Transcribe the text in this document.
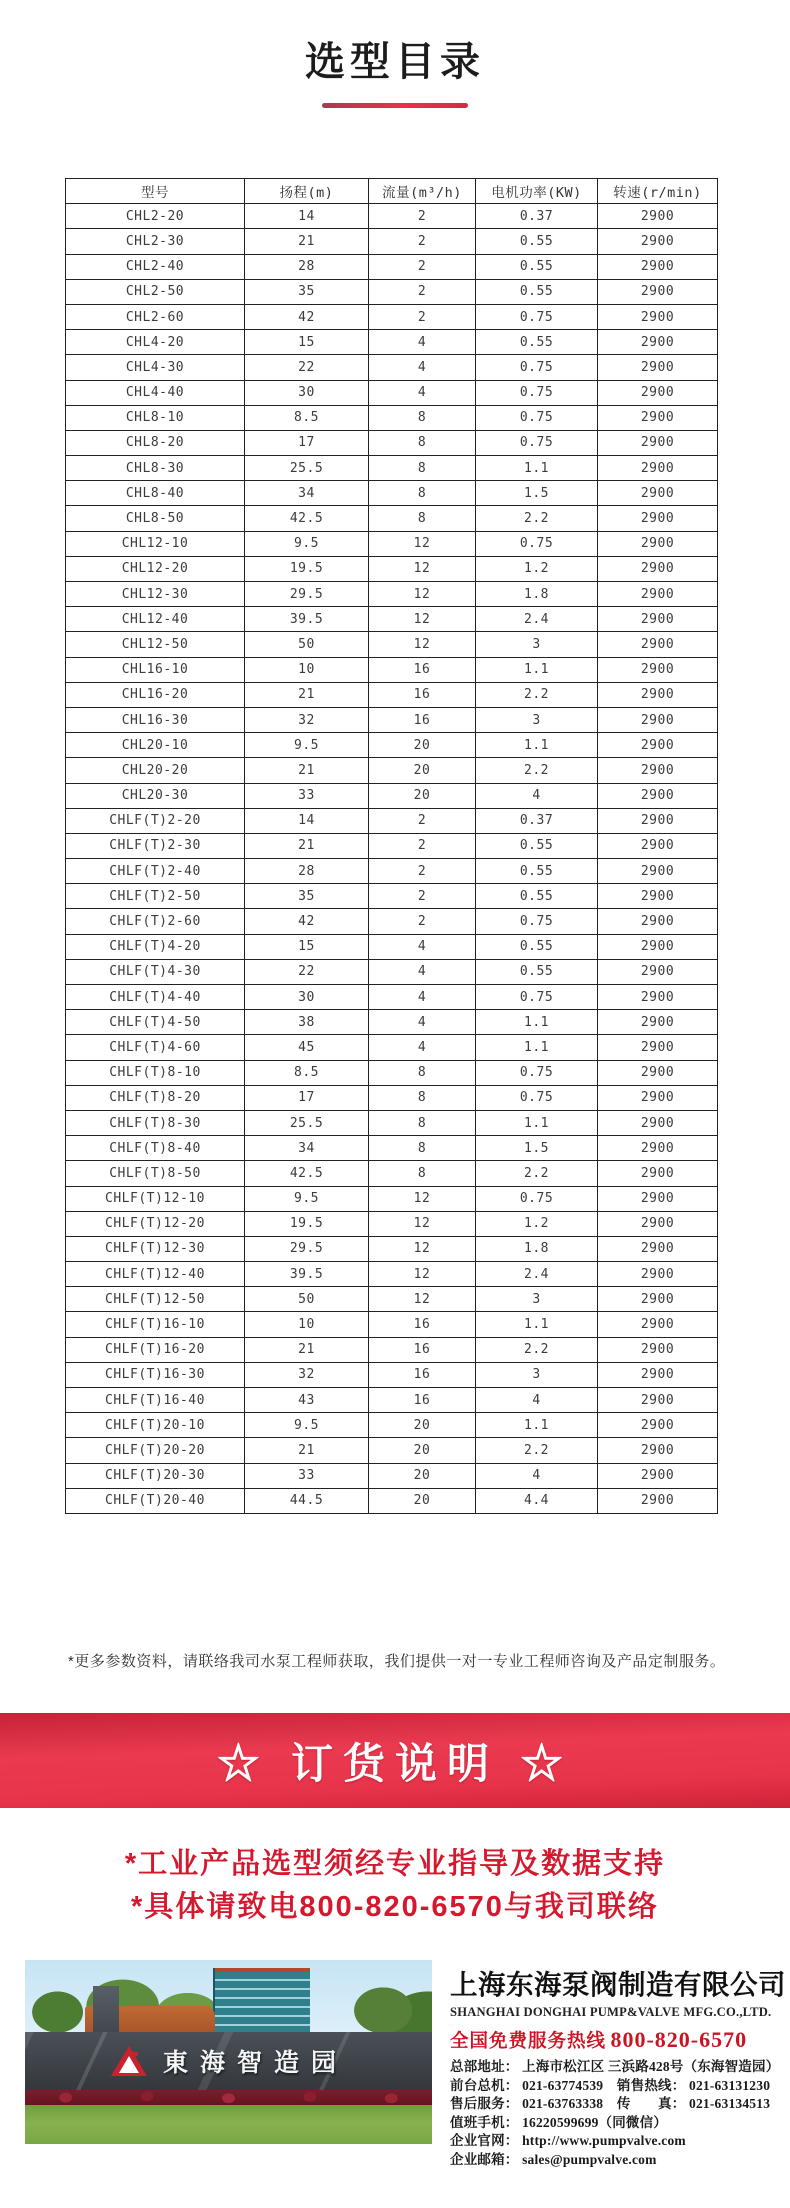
选型目录
型号	扬程(m)	流量(m³/h)	电机功率(KW)	转速(r/min)
CHL2-20	14	2	0.37	2900
CHL2-30	21	2	0.55	2900
CHL2-40	28	2	0.55	2900
CHL2-50	35	2	0.55	2900
CHL2-60	42	2	0.75	2900
CHL4-20	15	4	0.55	2900
CHL4-30	22	4	0.75	2900
CHL4-40	30	4	0.75	2900
CHL8-10	8.5	8	0.75	2900
CHL8-20	17	8	0.75	2900
CHL8-30	25.5	8	1.1	2900
CHL8-40	34	8	1.5	2900
CHL8-50	42.5	8	2.2	2900
CHL12-10	9.5	12	0.75	2900
CHL12-20	19.5	12	1.2	2900
CHL12-30	29.5	12	1.8	2900
CHL12-40	39.5	12	2.4	2900
CHL12-50	50	12	3	2900
CHL16-10	10	16	1.1	2900
CHL16-20	21	16	2.2	2900
CHL16-30	32	16	3	2900
CHL20-10	9.5	20	1.1	2900
CHL20-20	21	20	2.2	2900
CHL20-30	33	20	4	2900
CHLF(T)2-20	14	2	0.37	2900
CHLF(T)2-30	21	2	0.55	2900
CHLF(T)2-40	28	2	0.55	2900
CHLF(T)2-50	35	2	0.55	2900
CHLF(T)2-60	42	2	0.75	2900
CHLF(T)4-20	15	4	0.55	2900
CHLF(T)4-30	22	4	0.55	2900
CHLF(T)4-40	30	4	0.75	2900
CHLF(T)4-50	38	4	1.1	2900
CHLF(T)4-60	45	4	1.1	2900
CHLF(T)8-10	8.5	8	0.75	2900
CHLF(T)8-20	17	8	0.75	2900
CHLF(T)8-30	25.5	8	1.1	2900
CHLF(T)8-40	34	8	1.5	2900
CHLF(T)8-50	42.5	8	2.2	2900
CHLF(T)12-10	9.5	12	0.75	2900
CHLF(T)12-20	19.5	12	1.2	2900
CHLF(T)12-30	29.5	12	1.8	2900
CHLF(T)12-40	39.5	12	2.4	2900
CHLF(T)12-50	50	12	3	2900
CHLF(T)16-10	10	16	1.1	2900
CHLF(T)16-20	21	16	2.2	2900
CHLF(T)16-30	32	16	3	2900
CHLF(T)16-40	43	16	4	2900
CHLF(T)20-10	9.5	20	1.1	2900
CHLF(T)20-20	21	20	2.2	2900
CHLF(T)20-30	33	20	4	2900
CHLF(T)20-40	44.5	20	4.4	2900

*更多参数资料，请联络我司水泵工程师获取，我们提供一对一专业工程师咨询及产品定制服务。

☆ 订货说明 ☆

*工业产品选型须经专业指导及数据支持

*具体请致电800-820-6570与我司联络

東海智造园
上海东海泵阀制造有限公司
SHANGHAI DONGHAI PUMP&VALVE MFG.CO.,LTD.
全国免费服务热线 800-820-6570
总部地址： 上海市松江区 三浜路428号（东海智造园）
前台总机： 021-63774539　销售热线： 021-63131230
售后服务： 021-63763338　传　　真： 021-63134513
值班手机： 16220599699（同微信）
企业官网： http://www.pumpvalve.com
企业邮箱： sales@pumpvalve.com
